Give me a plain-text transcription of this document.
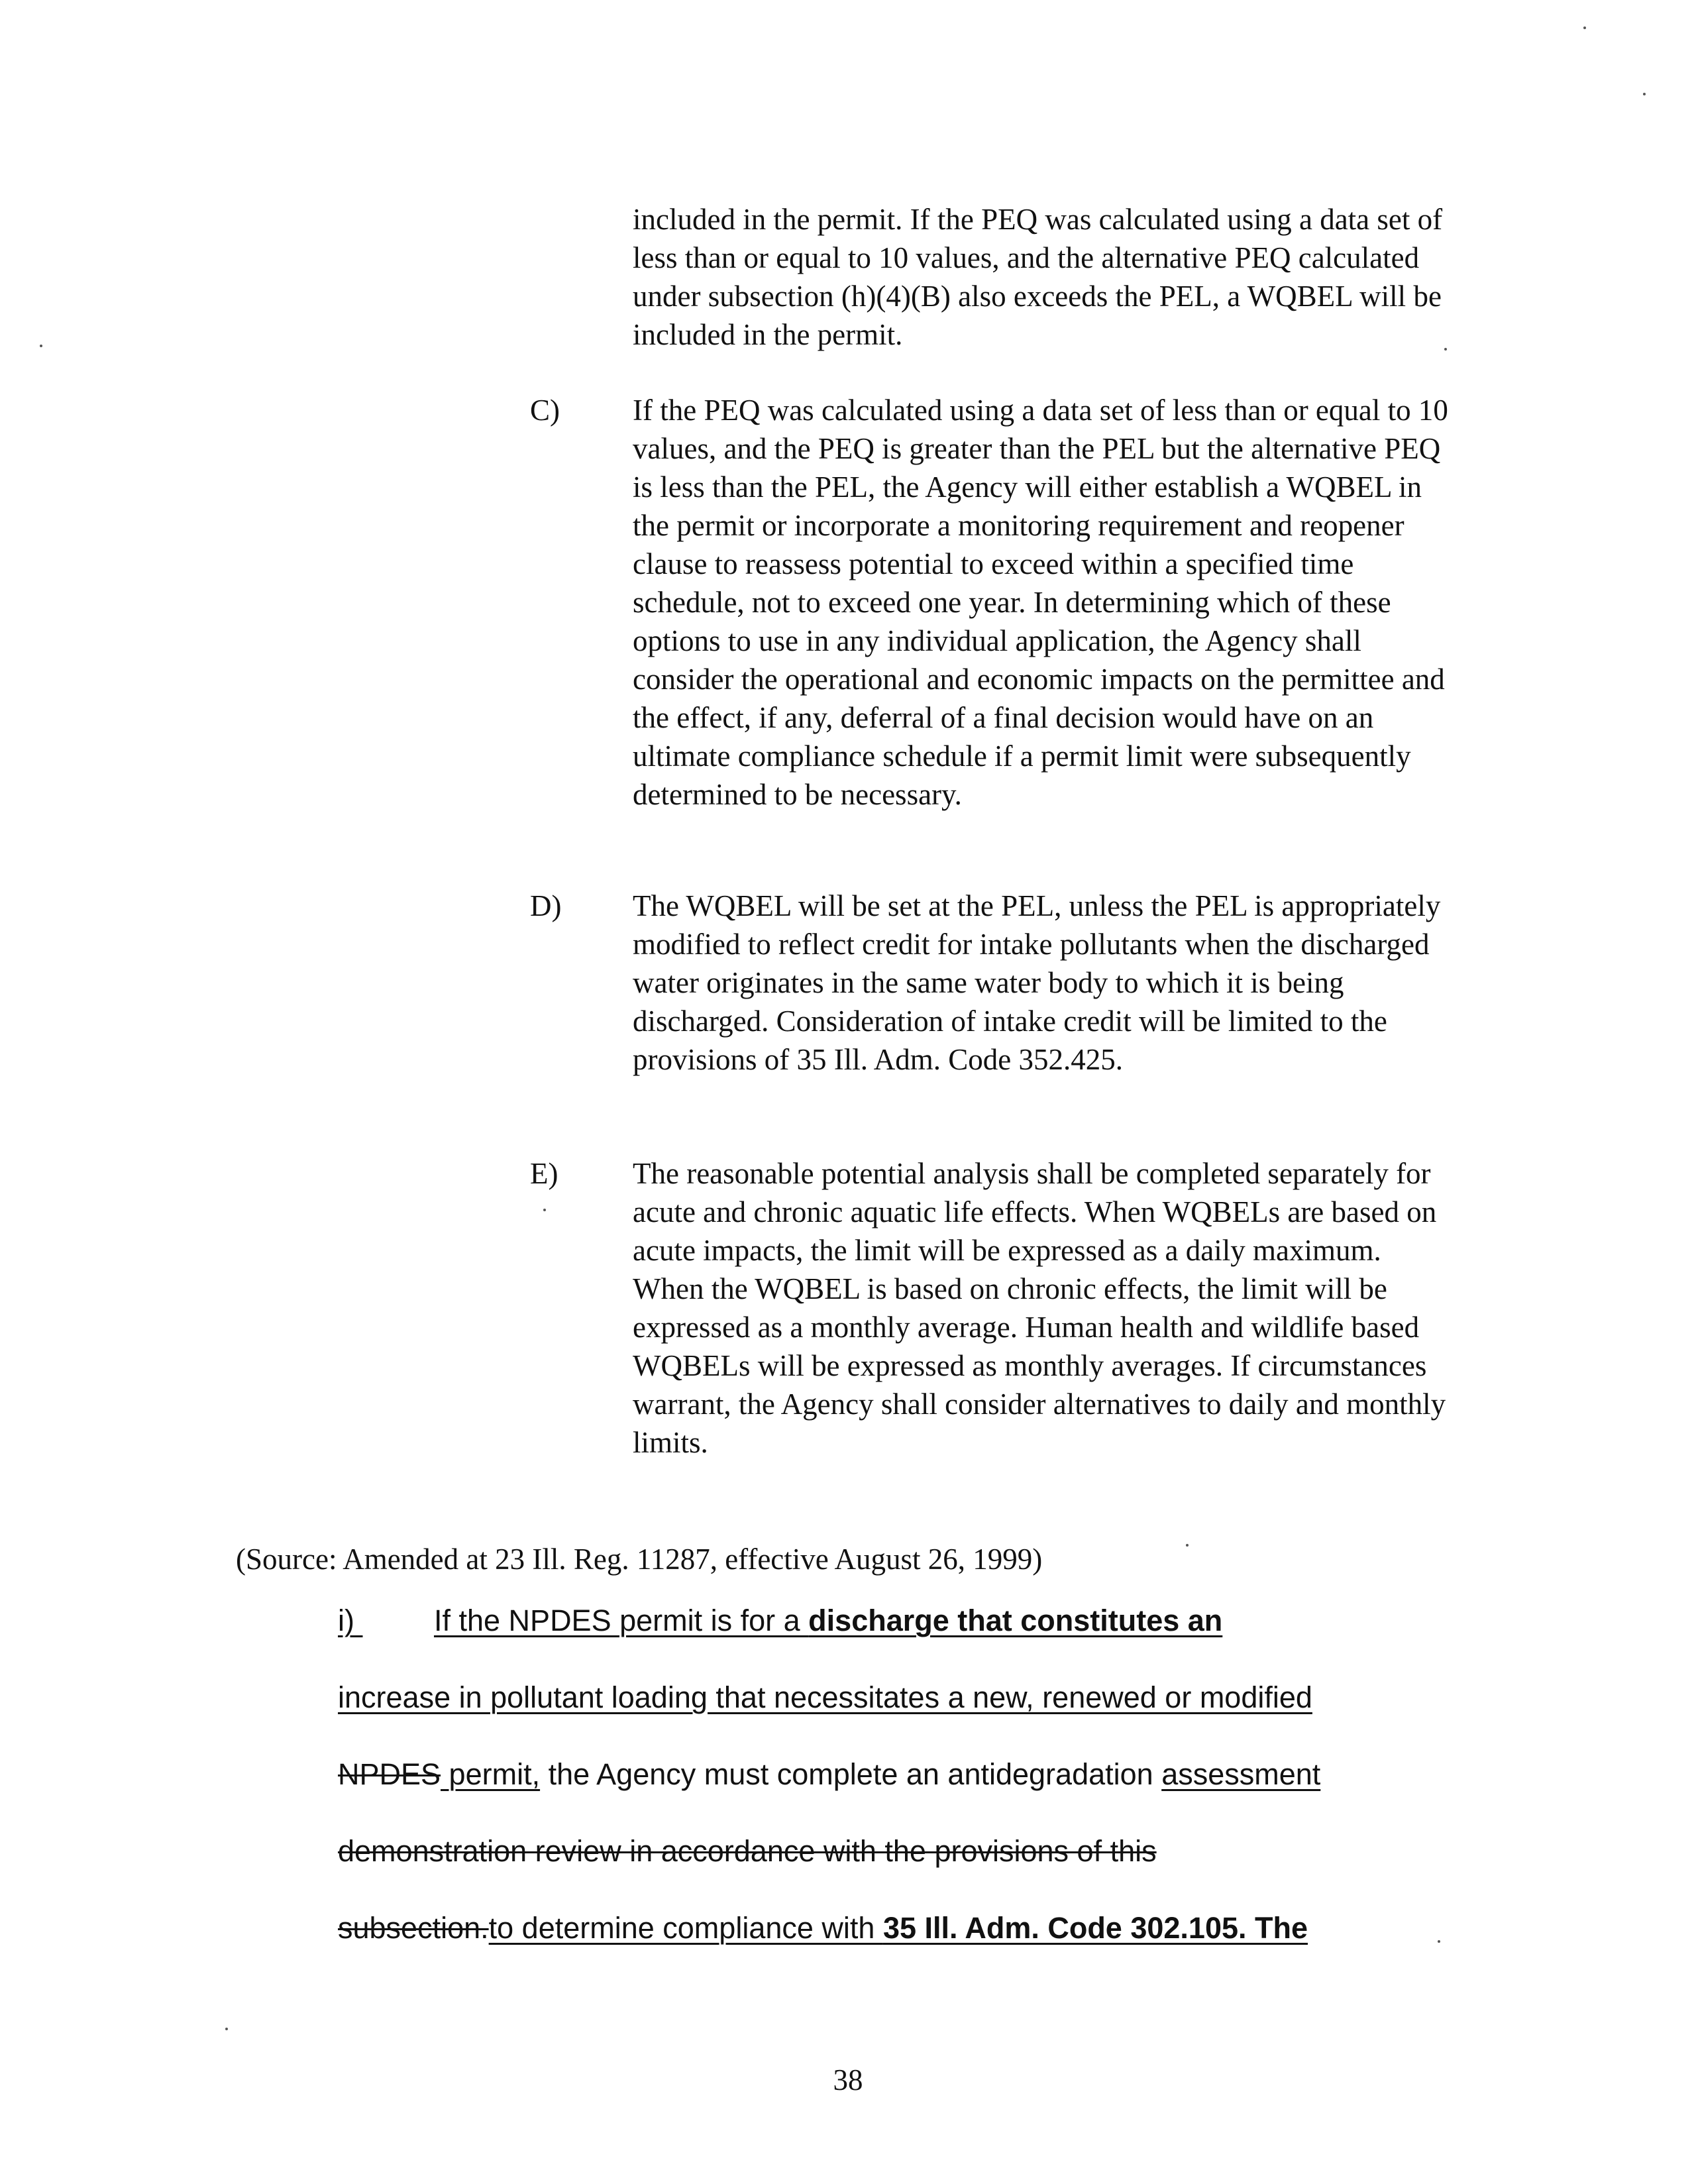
included in the permit. If the PEQ was calculated using a data set of less than or equal to 10 values, and the alternative PEQ calculated under subsection (h)(4)(B) also exceeds the PEL, a WQBEL will be included in the permit.
C)	If the PEQ was calculated using a data set of less than or equal to 10 values, and the PEQ is greater than the PEL but the alternative PEQ is less than the PEL, the Agency will either establish a WQBEL in the permit or incorporate a monitoring requirement and reopener clause to reassess potential to exceed within a specified time schedule, not to exceed one year. In determining which of these options to use in any individual application, the Agency shall consider the operational and economic impacts on the permittee and the effect, if any, deferral of a final decision would have on an ultimate compliance schedule if a permit limit were subsequently determined to be necessary.
D)	The WQBEL will be set at the PEL, unless the PEL is appropriately modified to reflect credit for intake pollutants when the discharged water originates in the same water body to which it is being discharged. Consideration of intake credit will be limited to the provisions of 35 Ill. Adm. Code 352.425.
E)	The reasonable potential analysis shall be completed separately for acute and chronic aquatic life effects. When WQBELs are based on acute impacts, the limit will be expressed as a daily maximum. When the WQBEL is based on chronic effects, the limit will be expressed as a monthly average. Human health and wildlife based WQBELs will be expressed as monthly averages. If circumstances warrant, the Agency shall consider alternatives to daily and monthly limits.
(Source: Amended at 23 Ill. Reg. 11287, effective August 26, 1999)
i)	If the NPDES permit is for a discharge that constitutes an
increase in pollutant loading that necessitates a new, renewed or modified
NPDES permit, the Agency must complete an antidegradation assessment
demonstration review in accordance with the provisions of this
subsection.to determine compliance with 35 Ill. Adm. Code 302.105. The
38
